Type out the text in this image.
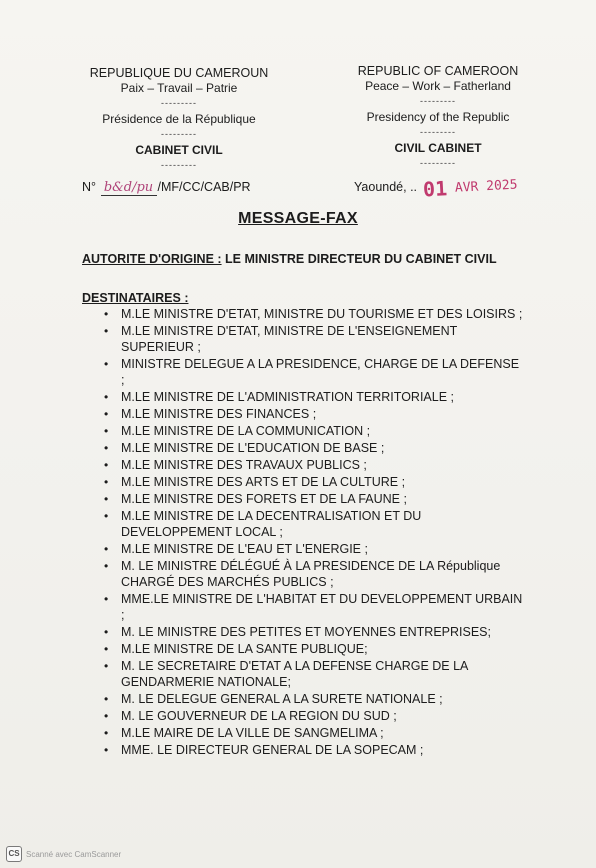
REPUBLIQUE DU CAMEROUN
Paix – Travail – Patrie
---------
Présidence de la République
---------
CABINET CIVIL
---------
REPUBLIC OF CAMEROON
Peace – Work – Fatherland
---------
Presidency of the Republic
---------
CIVIL CABINET
---------
N° b&d/pu /MF/CC/CAB/PR	Yaoundé, .. 01 AVR 2025
MESSAGE-FAX
AUTORITE D'ORIGINE : LE MINISTRE DIRECTEUR DU CABINET CIVIL
DESTINATAIRES :
• M.LE MINISTRE D'ETAT, MINISTRE DU TOURISME ET DES LOISIRS ;
• M.LE MINISTRE D'ETAT, MINISTRE DE L'ENSEIGNEMENT SUPERIEUR ;
• MINISTRE DELEGUE A LA PRESIDENCE, CHARGE DE LA DEFENSE ;
• M.LE MINISTRE DE L'ADMINISTRATION TERRITORIALE ;
• M.LE MINISTRE DES FINANCES ;
• M.LE MINISTRE DE LA COMMUNICATION ;
• M.LE MINISTRE DE L'EDUCATION DE BASE ;
• M.LE MINISTRE DES TRAVAUX PUBLICS ;
• M.LE MINISTRE DES ARTS ET DE LA CULTURE ;
• M.LE MINISTRE DES FORETS ET DE LA FAUNE ;
• M.LE MINISTRE DE LA DECENTRALISATION ET DU DEVELOPPEMENT LOCAL ;
• M.LE MINISTRE DE L'EAU ET L'ENERGIE ;
• M. LE MINISTRE DÉLÉGUÉ À LA PRESIDENCE DE LA République CHARGÉ DES MARCHÉS PUBLICS ;
• MME.LE MINISTRE DE L'HABITAT ET DU DEVELOPPEMENT URBAIN ;
• M. LE MINISTRE DES PETITES ET MOYENNES ENTREPRISES;
• M.LE MINISTRE DE LA SANTE PUBLIQUE;
• M. LE SECRETAIRE D'ETAT A LA DEFENSE CHARGE DE LA GENDARMERIE NATIONALE;
• M. LE DELEGUE GENERAL A LA SURETE NATIONALE ;
• M. LE GOUVERNEUR DE LA REGION DU SUD ;
• M.LE MAIRE DE LA VILLE DE SANGMELIMA ;
• MME. LE DIRECTEUR GENERAL DE LA SOPECAM ;
CS Scanné avec CamScanner
